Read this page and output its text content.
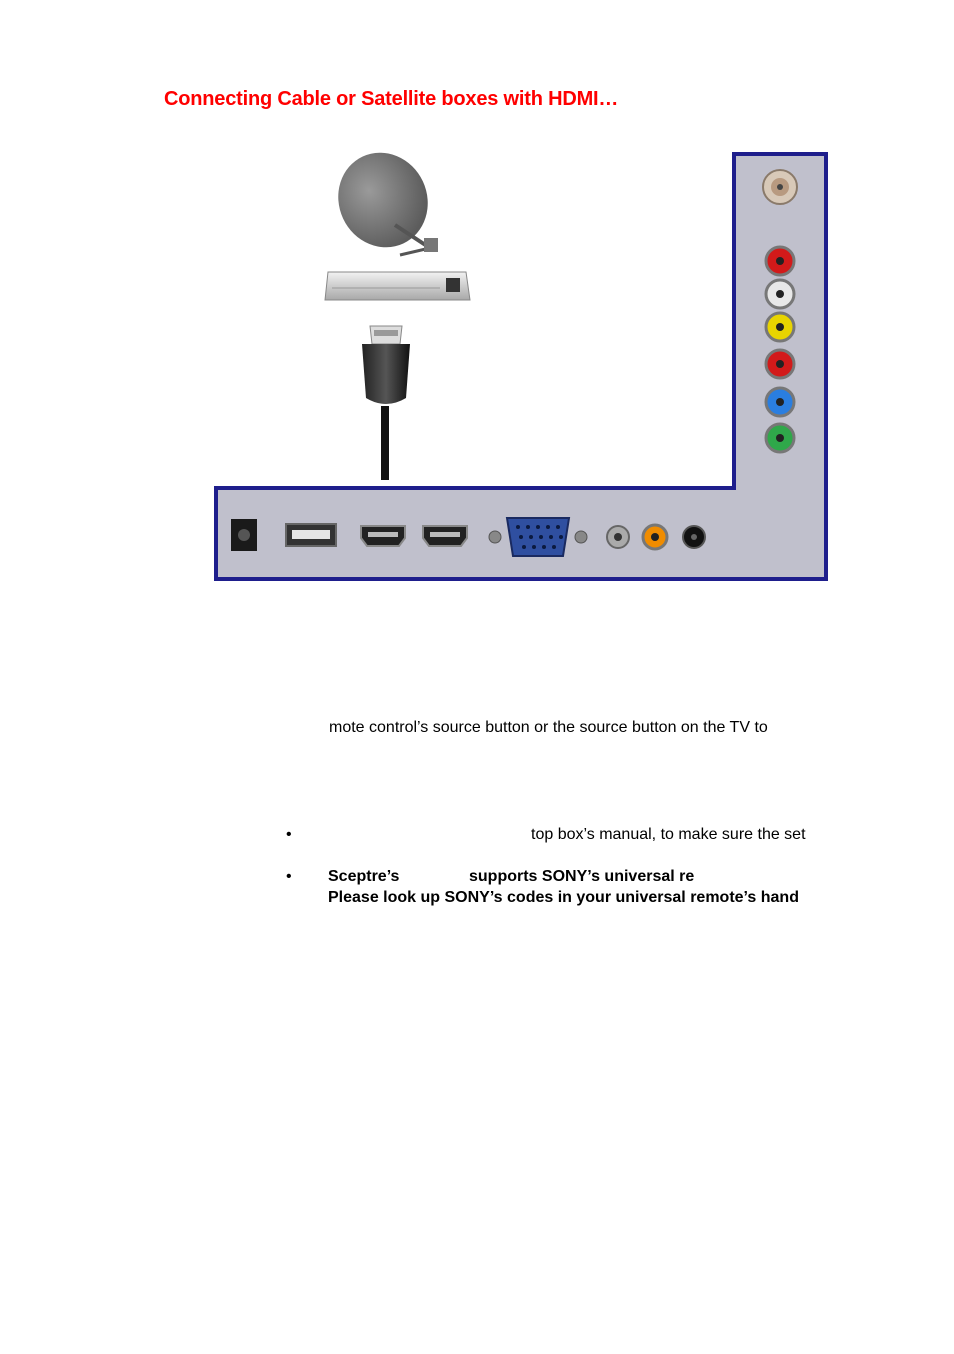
Connecting Cable or Satellite boxes with HDMI…
mote control’s source button or the source button on the TV to
•	top box’s manual, to make sure the set
• Sceptre’s	supports SONY’s universal re
Please look up SONY’s codes in your universal remote’s hand
